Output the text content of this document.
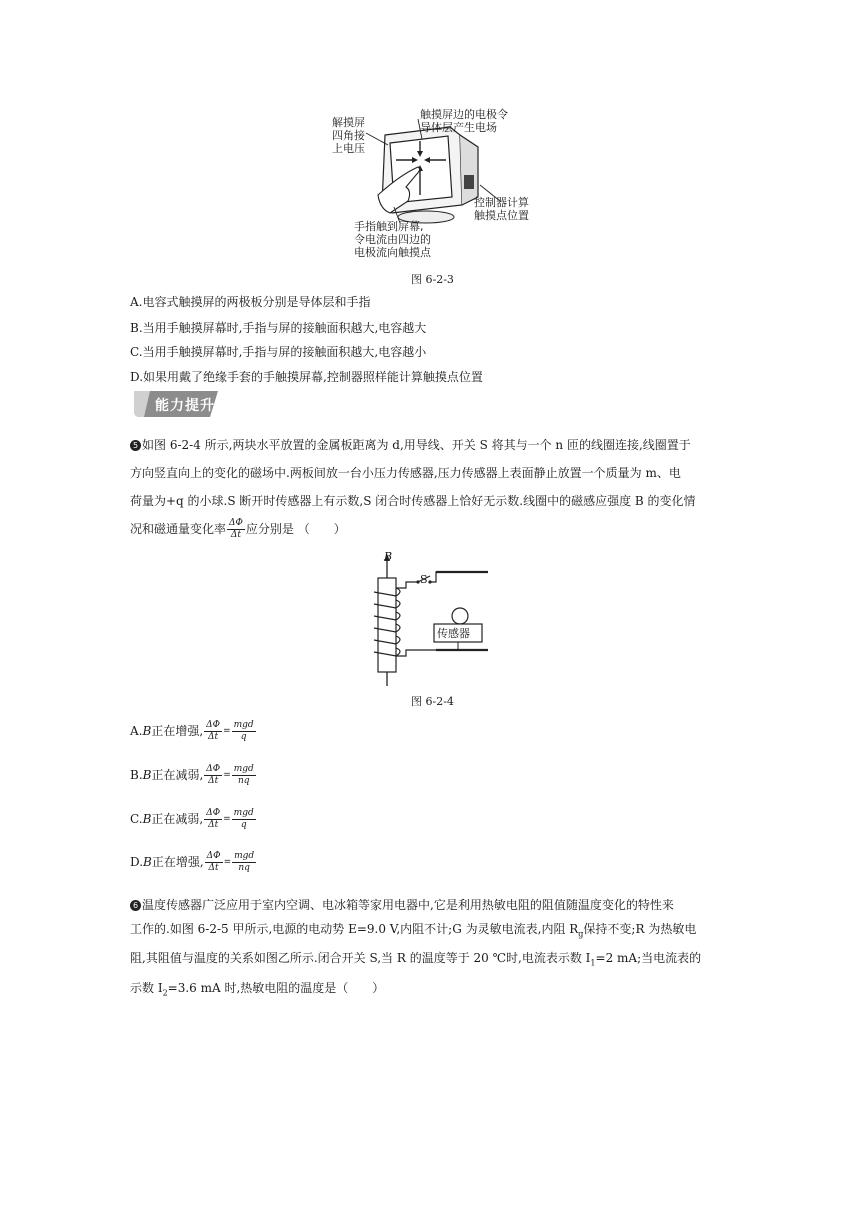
解摸屏
四角接
上电压
触摸屏边的电极令
导体层产生电场
控制器计算
触摸点位置
手指触到屏幕,
令电流由四边的
电极流向触摸点
图 6-2-3
A.电容式触摸屏的两极板分别是导体层和手指
B.当用手触摸屏幕时,手指与屏的接触面积越大,电容越大
C.当用手触摸屏幕时,手指与屏的接触面积越大,电容越小
D.如果用戴了绝缘手套的手触摸屏幕,控制器照样能计算触摸点位置
能力提升
5 如图 6-2-4 所示,两块水平放置的金属板距离为 d,用导线、开关 S 将其与一个 n 匝的线圈连接,线圈置于
方向竖直向上的变化的磁场中.两板间放一台小压力传感器,压力传感器上表面静止放置一个质量为 m、电
荷量为+q 的小球.S 断开时传感器上有示数,S 闭合时传感器上恰好无示数.线圈中的磁感应强度 B 的变化情
况和磁通量变化率 $\frac{\Delta\Phi}{\Delta t}$ 应分别是 （　　）
B
S
传感器
图 6-2-4
A.B正在增强, $\frac{\Delta\Phi}{\Delta t} = \frac{\text{mgd}}{q}$
B.B正在减弱, $\frac{\Delta\Phi}{\Delta t} = \frac{\text{mgd}}{nq}$
C.B正在减弱, $\frac{\Delta\Phi}{\Delta t} = \frac{\text{mgd}}{q}$
D.B正在增强, $\frac{\Delta\Phi}{\Delta t} = \frac{\text{mgd}}{nq}$
6 温度传感器广泛应用于室内空调、电冰箱等家用电器中,它是利用热敏电阻的阻值随温度变化的特性来
工作的.如图 6-2-5 甲所示,电源的电动势 E=9.0 V,内阻不计;G 为灵敏电流表,内阻 $R_g$保持不变;R 为热敏电
阻,其阻值与温度的关系如图乙所示.闭合开关 S,当 R 的温度等于 20 ℃时,电流表示数 $I_1=2$ mA;当电流表的
示数 $I_2=3.6$ mA 时,热敏电阻的温度是（　　）
